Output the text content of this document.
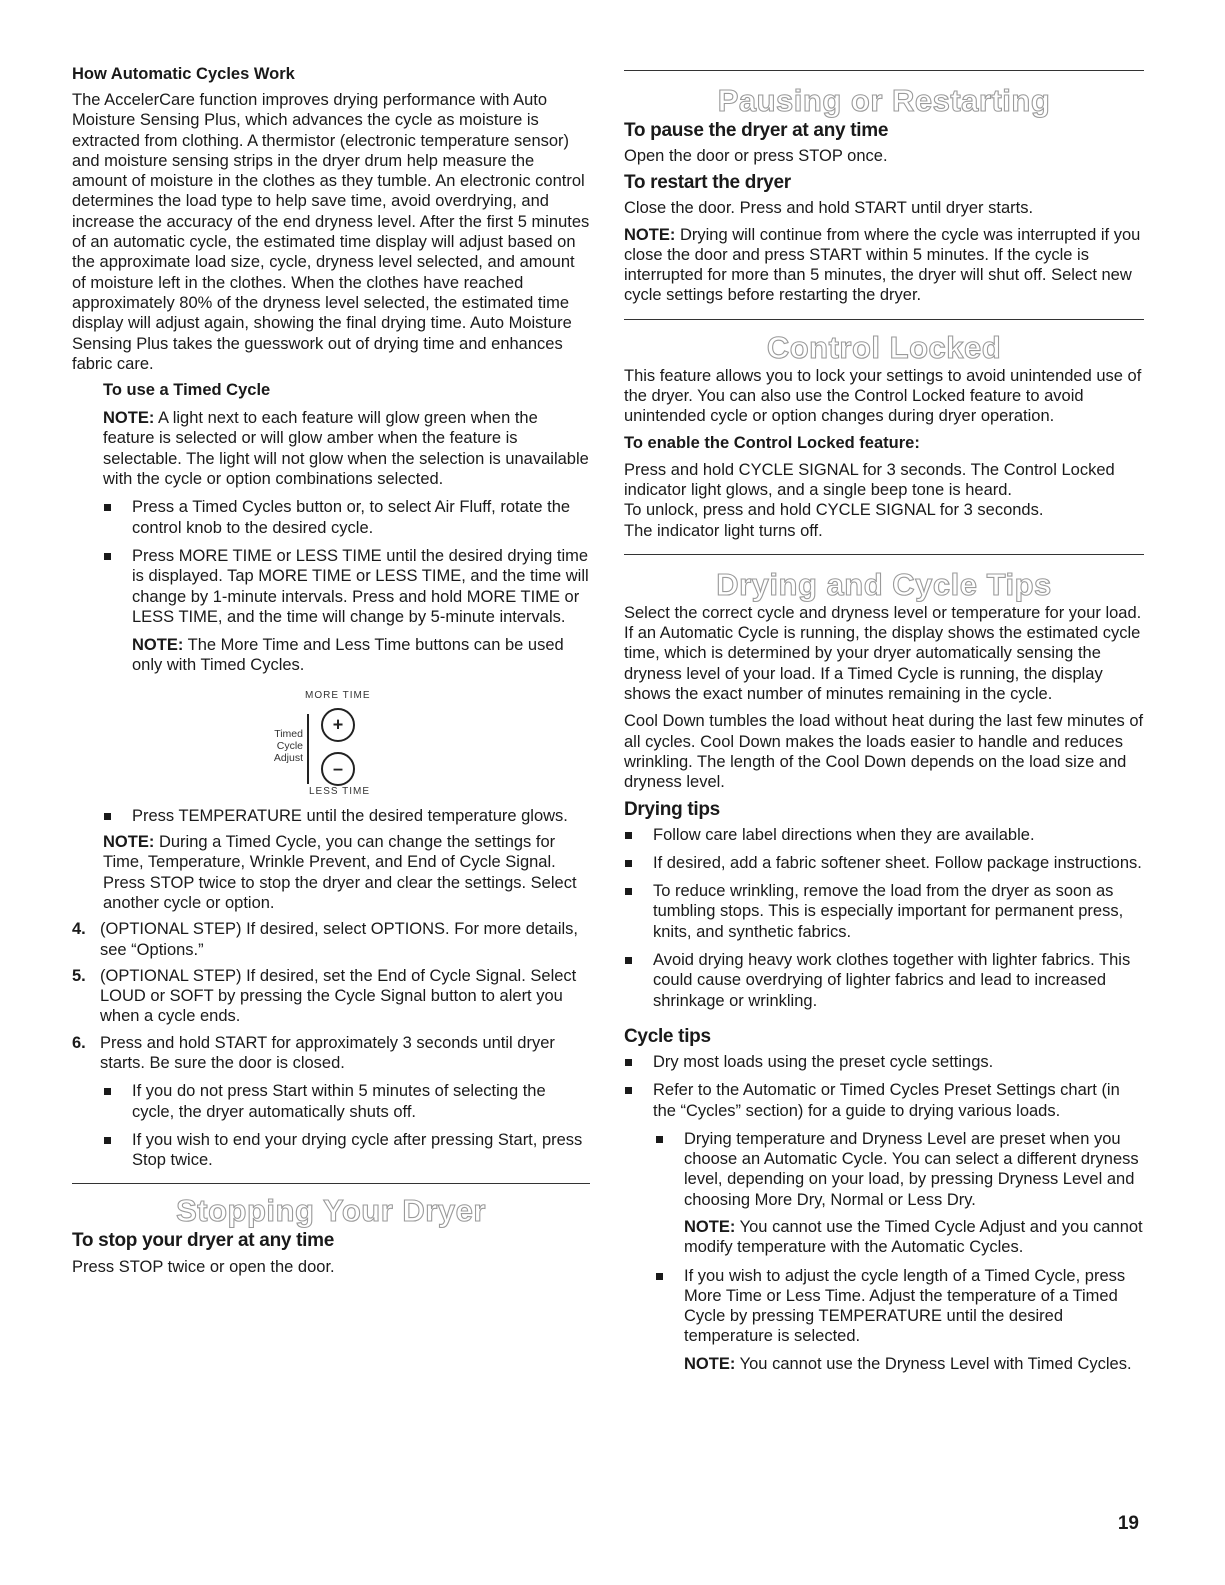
How Automatic Cycles Work

The AccelerCare function improves drying performance with Auto Moisture Sensing Plus, which advances the cycle as moisture is extracted from clothing. A thermistor (electronic temperature sensor) and moisture sensing strips in the dryer drum help measure the amount of moisture in the clothes as they tumble. An electronic control determines the load type to help save time, avoid overdrying, and increase the accuracy of the end dryness level. After the first 5 minutes of an automatic cycle, the estimated time display will adjust based on the approximate load size, cycle, dryness level selected, and amount of moisture left in the clothes. When the clothes have reached approximately 80% of the dryness level selected, the estimated time display will adjust again, showing the final drying time. Auto Moisture Sensing Plus takes the guesswork out of drying time and enhances fabric care.

To use a Timed Cycle

NOTE: A light next to each feature will glow green when the feature is selected or will glow amber when the feature is selectable. The light will not glow when the selection is unavailable with the cycle or option combinations selected.

Press a Timed Cycles button or, to select Air Fluff, rotate the control knob to the desired cycle.
Press MORE TIME or LESS TIME until the desired drying time is displayed. Tap MORE TIME or LESS TIME, and the time will change by 1-minute intervals. Press and hold MORE TIME or LESS TIME, and the time will change by 5-minute intervals.

NOTE: The More Time and Less Time buttons can be used only with Timed Cycles.

MORE TIME
+
Timed
Cycle
Adjust
–
LESS TIME
Press TEMPERATURE until the desired temperature glows.

NOTE: During a Timed Cycle, you can change the settings for Time, Temperature, Wrinkle Prevent, and End of Cycle Signal. Press STOP twice to stop the dryer and clear the settings. Select another cycle or option.

4. (OPTIONAL STEP) If desired, select OPTIONS. For more details, see “Options.”
5. (OPTIONAL STEP) If desired, set the End of Cycle Signal. Select LOUD or SOFT by pressing the Cycle Signal button to alert you when a cycle ends.
6. Press and hold START for approximately 3 seconds until dryer starts. Be sure the door is closed.
If you do not press Start within 5 minutes of selecting the cycle, the dryer automatically shuts off.
If you wish to end your drying cycle after pressing Start, press Stop twice.

Stopping Your Dryer

To stop your dryer at any time

Press STOP twice or open the door.

Pausing or Restarting

To pause the dryer at any time

Open the door or press STOP once.

To restart the dryer

Close the door. Press and hold START until dryer starts.

NOTE: Drying will continue from where the cycle was interrupted if you close the door and press START within 5 minutes. If the cycle is interrupted for more than 5 minutes, the dryer will shut off. Select new cycle settings before restarting the dryer.

Control Locked

This feature allows you to lock your settings to avoid unintended use of the dryer. You can also use the Control Locked feature to avoid unintended cycle or option changes during dryer operation.

To enable the Control Locked feature:

Press and hold CYCLE SIGNAL for 3 seconds. The Control Locked indicator light glows, and a single beep tone is heard.

To unlock, press and hold CYCLE SIGNAL for 3 seconds.

The indicator light turns off.

Drying and Cycle Tips

Select the correct cycle and dryness level or temperature for your load. If an Automatic Cycle is running, the display shows the estimated cycle time, which is determined by your dryer automatically sensing the dryness level of your load. If a Timed Cycle is running, the display shows the exact number of minutes remaining in the cycle.

Cool Down tumbles the load without heat during the last few minutes of all cycles. Cool Down makes the loads easier to handle and reduces wrinkling. The length of the Cool Down depends on the load size and dryness level.

Drying tips

Follow care label directions when they are available.
If desired, add a fabric softener sheet. Follow package instructions.
To reduce wrinkling, remove the load from the dryer as soon as tumbling stops. This is especially important for permanent press, knits, and synthetic fabrics.
Avoid drying heavy work clothes together with lighter fabrics. This could cause overdrying of lighter fabrics and lead to increased shrinkage or wrinkling.

Cycle tips

Dry most loads using the preset cycle settings.
Refer to the Automatic or Timed Cycles Preset Settings chart (in the “Cycles” section) for a guide to drying various loads.
Drying temperature and Dryness Level are preset when you choose an Automatic Cycle. You can select a different dryness level, depending on your load, by pressing Dryness Level and choosing More Dry, Normal or Less Dry.

NOTE: You cannot use the Timed Cycle Adjust and you cannot modify temperature with the Automatic Cycles.

If you wish to adjust the cycle length of a Timed Cycle, press More Time or Less Time. Adjust the temperature of a Timed Cycle by pressing TEMPERATURE until the desired temperature is selected.

NOTE: You cannot use the Dryness Level with Timed Cycles.

19
